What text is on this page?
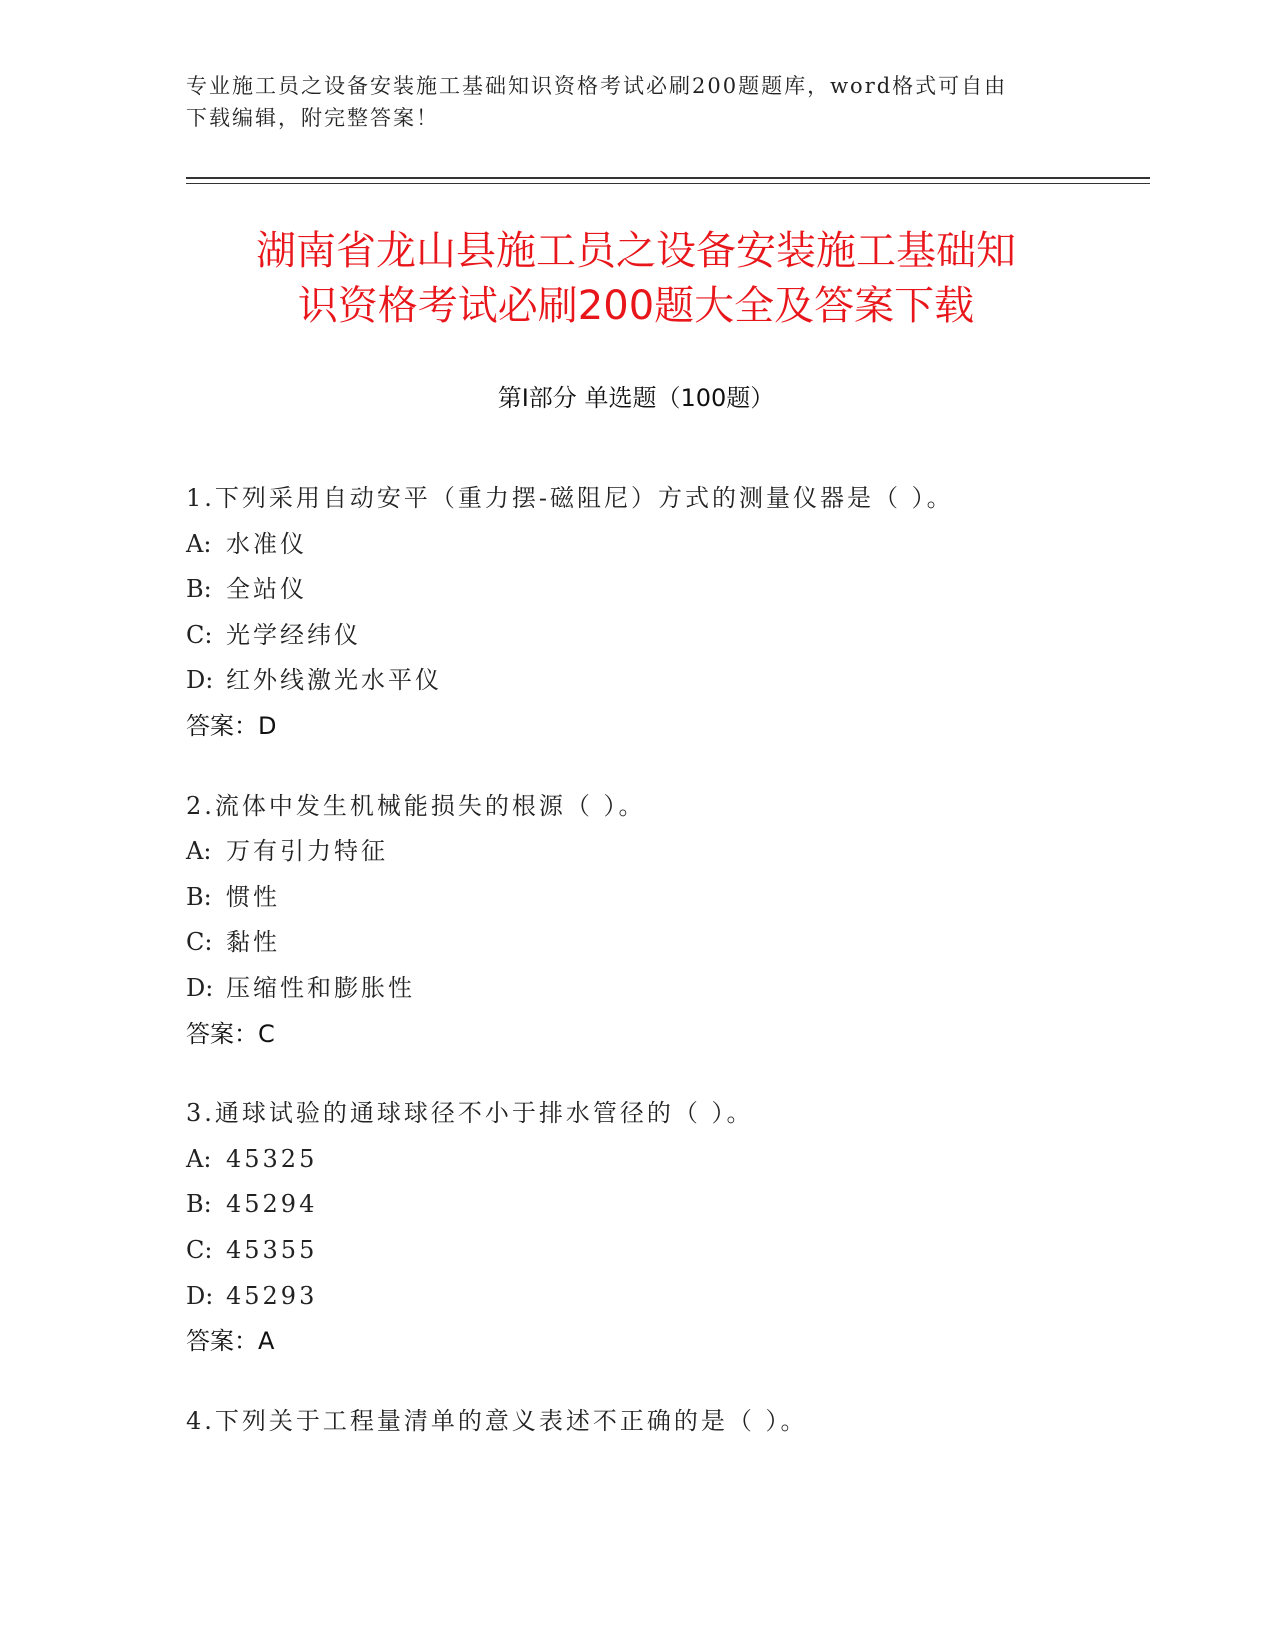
专业施工员之设备安装施工基础知识资格考试必刷200题题库，word格式可自由
下载编辑，附完整答案！
湖南省龙山县施工员之设备安装施工基础知
识资格考试必刷200题大全及答案下载
第Ⅰ部分 单选题（100题）
1.下列采用自动安平（重力摆-磁阻尼）方式的测量仪器是（ ）。
A: 水准仪
B: 全站仪
C: 光学经纬仪
D: 红外线激光水平仪
答案：D
2.流体中发生机械能损失的根源（ ）。
A: 万有引力特征
B: 惯性
C: 黏性
D: 压缩性和膨胀性
答案：C
3.通球试验的通球球径不小于排水管径的（ ）。
A: 45325
B: 45294
C: 45355
D: 45293
答案：A
4.下列关于工程量清单的意义表述不正确的是（ ）。
